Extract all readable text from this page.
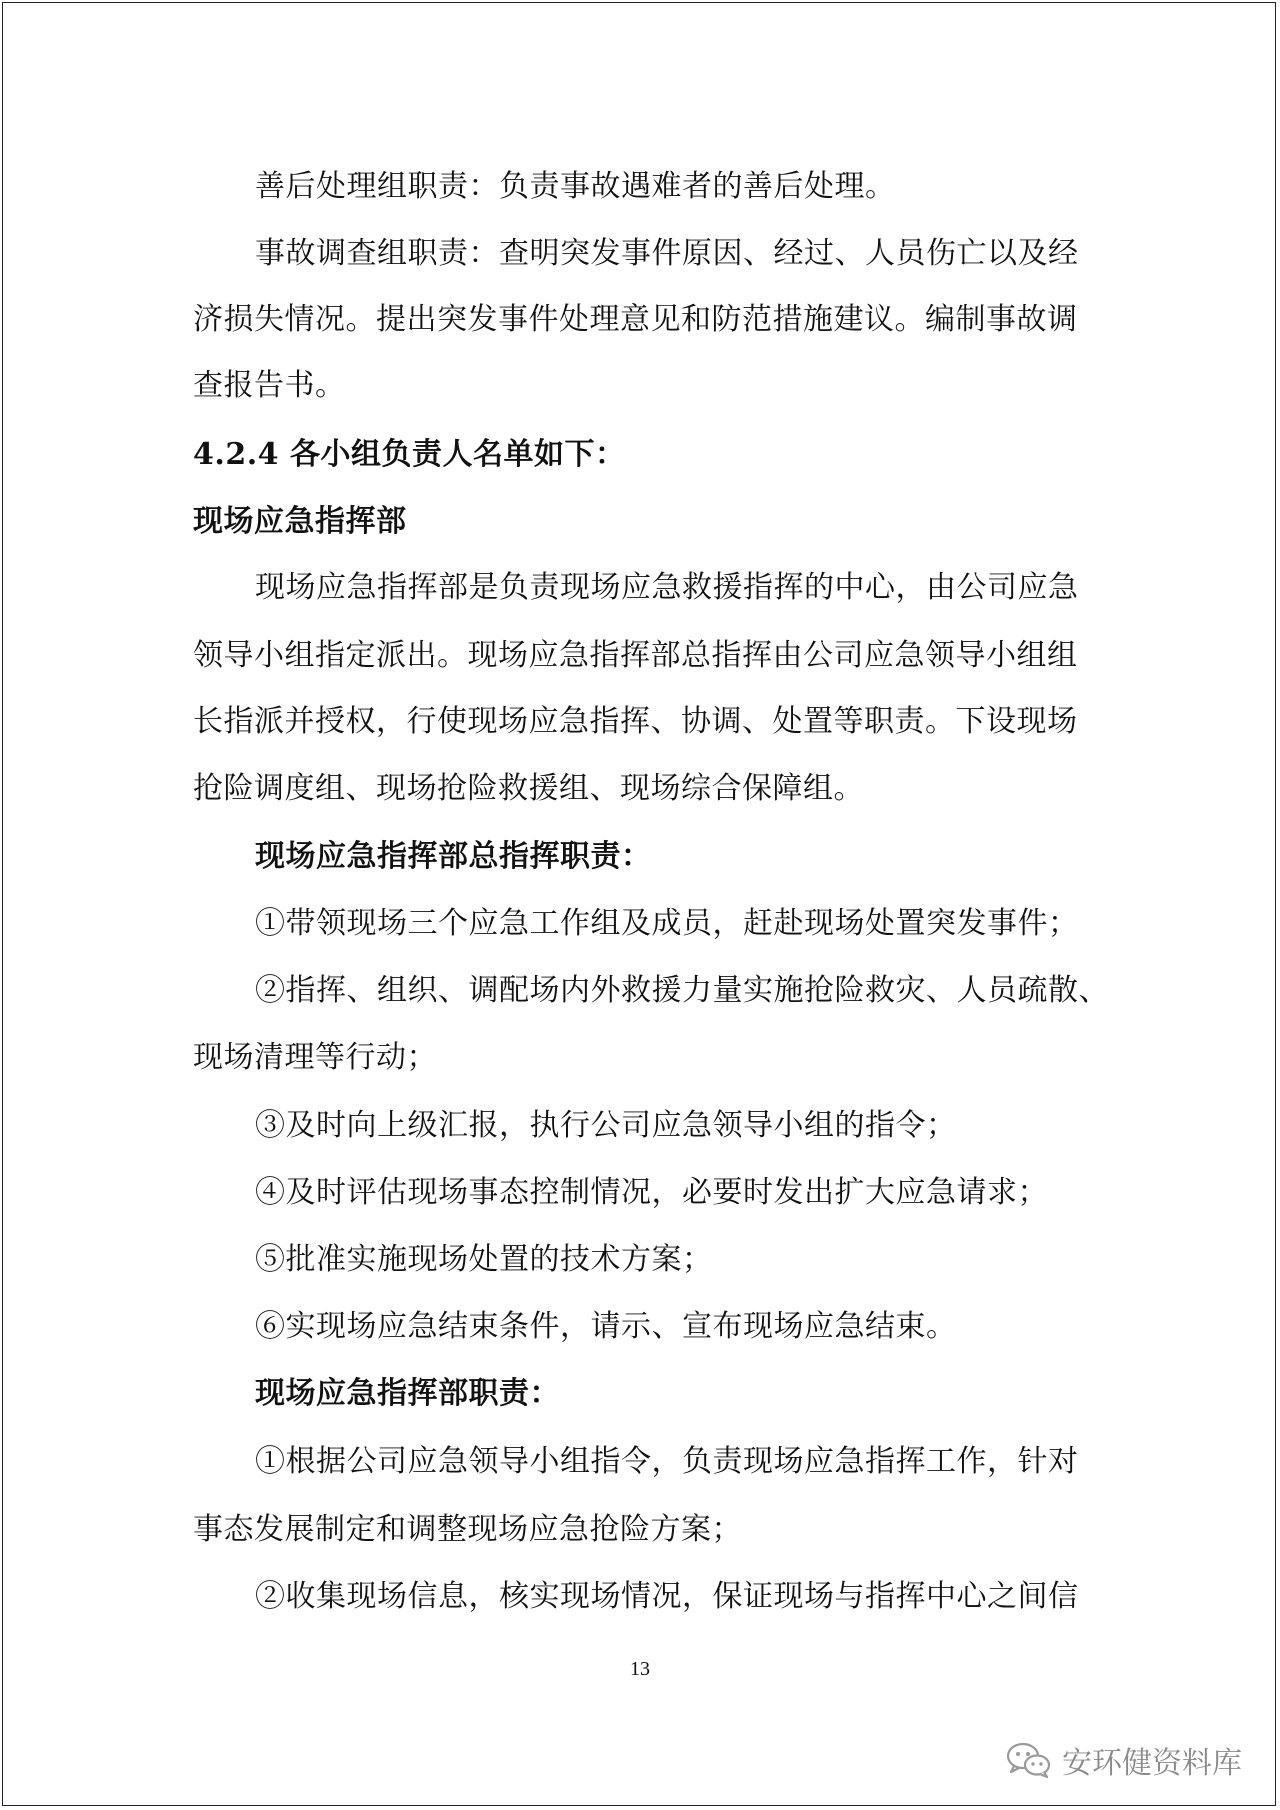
善后处理组职责：负责事故遇难者的善后处理。
事故调查组职责：查明突发事件原因、经过、人员伤亡以及经
济损失情况。提出突发事件处理意见和防范措施建议。编制事故调
查报告书。
4.2.4 各小组负责人名单如下：
现场应急指挥部
现场应急指挥部是负责现场应急救援指挥的中心，由公司应急
领导小组指定派出。现场应急指挥部总指挥由公司应急领导小组组
长指派并授权，行使现场应急指挥、协调、处置等职责。下设现场
抢险调度组、现场抢险救援组、现场综合保障组。
现场应急指挥部总指挥职责：
①带领现场三个应急工作组及成员，赶赴现场处置突发事件；
②指挥、组织、调配场内外救援力量实施抢险救灾、人员疏散、
现场清理等行动；
③及时向上级汇报，执行公司应急领导小组的指令；
④及时评估现场事态控制情况，必要时发出扩大应急请求；
⑤批准实施现场处置的技术方案；
⑥实现场应急结束条件，请示、宣布现场应急结束。
现场应急指挥部职责：
①根据公司应急领导小组指令，负责现场应急指挥工作，针对
事态发展制定和调整现场应急抢险方案；
②收集现场信息，核实现场情况，保证现场与指挥中心之间信
13
安环健资料库
